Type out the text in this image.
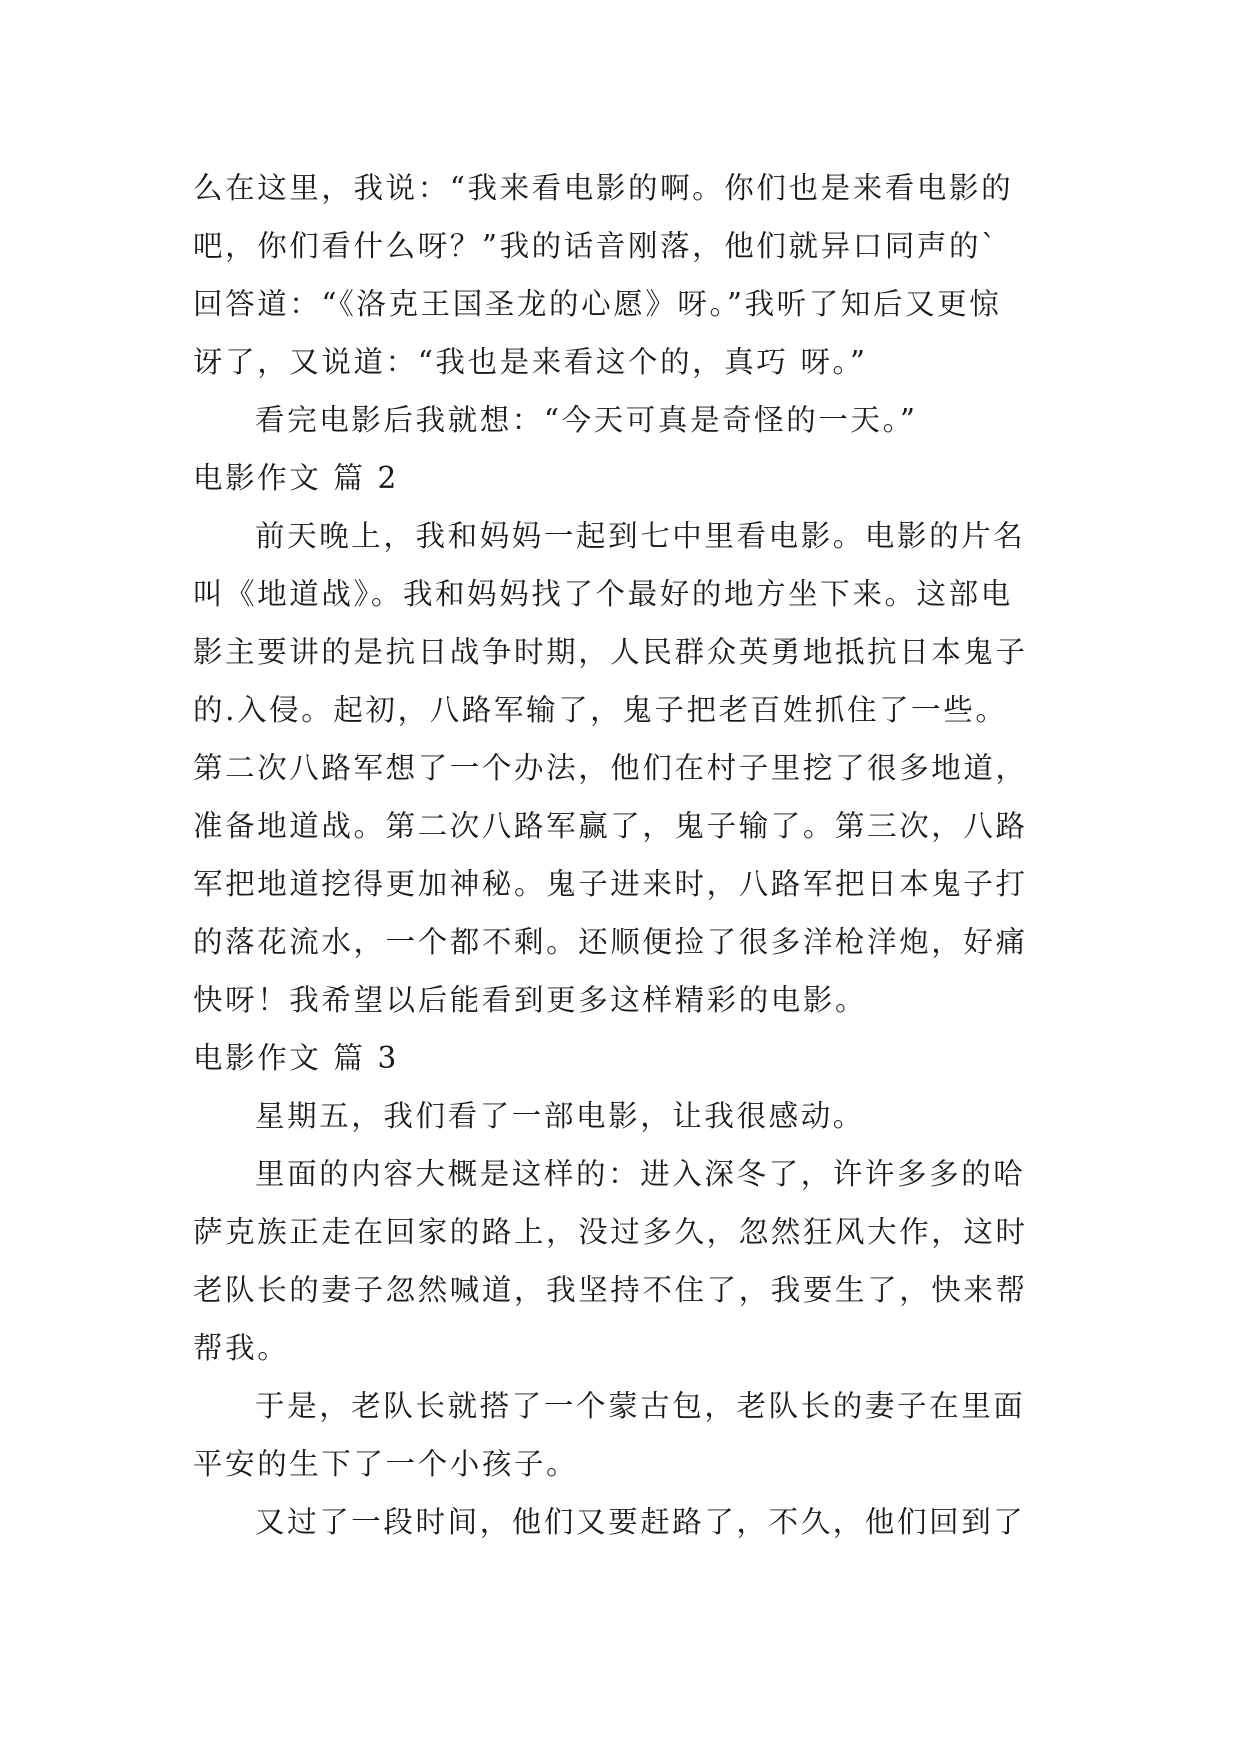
么在这里，我说：“我来看电影的啊。你们也是来看电影的
吧，你们看什么呀？”我的话音刚落，他们就异口同声的`
回答道：“《洛克王国圣龙的心愿》呀。”我听了知后又更惊
讶了，又说道：“我也是来看这个的，真巧 呀。”
看完电影后我就想：“今天可真是奇怪的一天。”
电影作文 篇 2
前天晚上，我和妈妈一起到七中里看电影。电影的片名
叫《地道战》。我和妈妈找了个最好的地方坐下来。这部电
影主要讲的是抗日战争时期，人民群众英勇地抵抗日本鬼子
的.入侵。起初，八路军输了，鬼子把老百姓抓住了一些。
第二次八路军想了一个办法，他们在村子里挖了很多地道，
准备地道战。第二次八路军赢了，鬼子输了。第三次，八路
军把地道挖得更加神秘。鬼子进来时，八路军把日本鬼子打
的落花流水，一个都不剩。还顺便捡了很多洋枪洋炮，好痛
快呀！我希望以后能看到更多这样精彩的电影。
电影作文 篇 3
星期五，我们看了一部电影，让我很感动。
里面的内容大概是这样的：进入深冬了，许许多多的哈
萨克族正走在回家的路上，没过多久，忽然狂风大作，这时
老队长的妻子忽然喊道，我坚持不住了，我要生了，快来帮
帮我。
于是，老队长就搭了一个蒙古包，老队长的妻子在里面
平安的生下了一个小孩子。
又过了一段时间，他们又要赶路了，不久，他们回到了
